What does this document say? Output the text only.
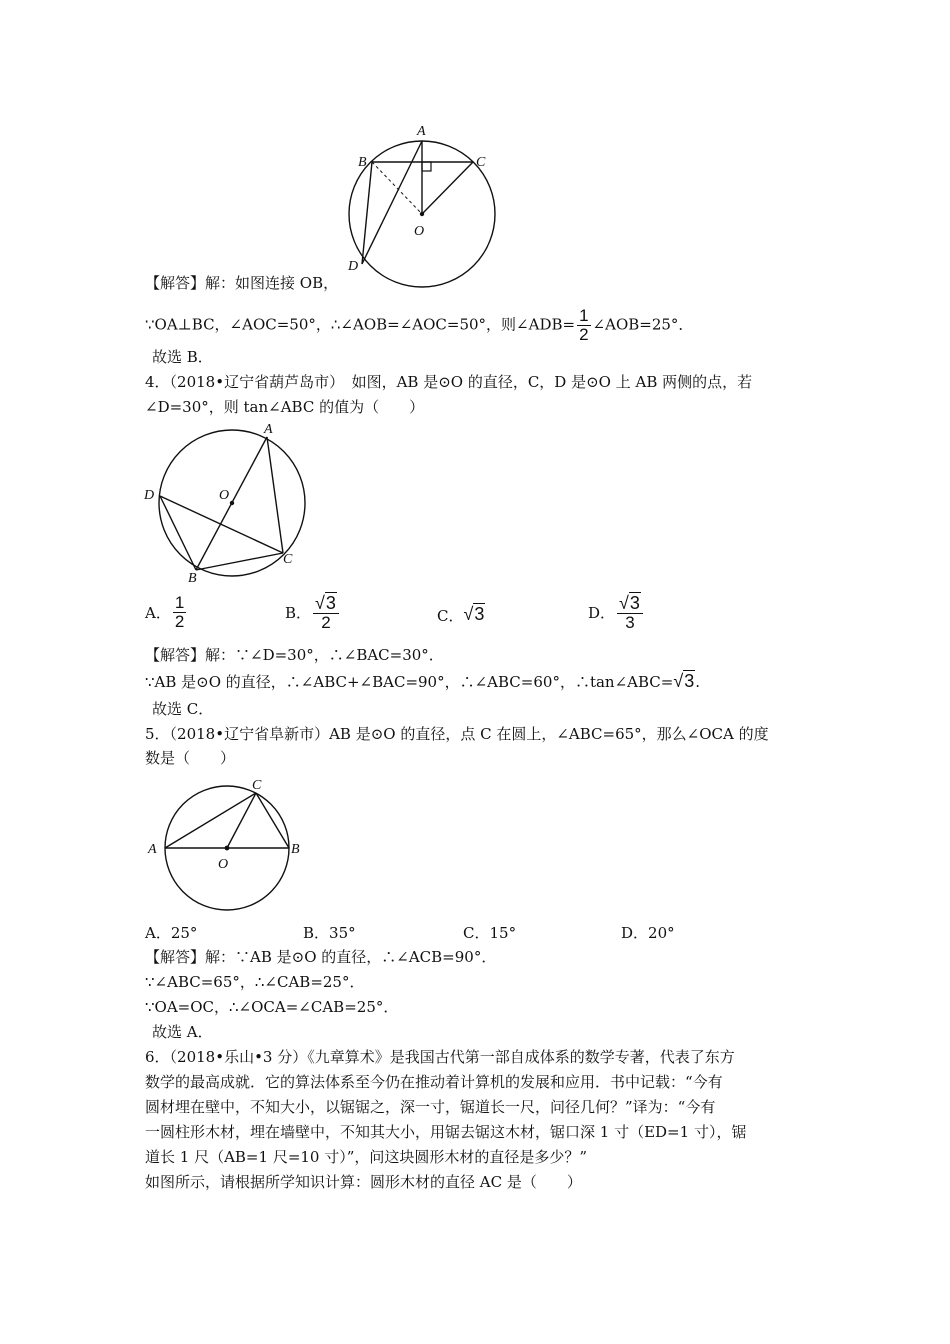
A
B	C
D
O
【解答】解：如图连接 OB，
∵OA⊥BC，∠AOC=50°，∴∠AOB=∠AOC=50°，则∠ADB= $\frac{1}{2}$ ∠AOB=25°．
故选 B．
4．（2018•辽宁省葫芦岛市）　如图，AB 是⊙O 的直径，C，D 是⊙O 上 AB 两侧的点，若
∠D=30°，则 tan∠ABC 的值为（　　）
A
D	O
B
C
A． $\frac{1}{2}$	B． $\frac{√3}{2}$	C．√3	D． $\frac{√3}{3}$
【解答】解：∵∠D=30°，∴∠BAC=30°．
∵AB 是⊙O 的直径，∴∠ABC+∠BAC=90°，∴∠ABC=60°，∴tan∠ABC=√3.
故选 C．
5．（2018•辽宁省阜新市）AB 是⊙O 的直径，点 C 在圆上，∠ABC=65°，那么∠OCA 的度
数是（　　）
C
A	B
O
A．25°	B．35°	C．15°	D．20°
【解答】解：∵AB 是⊙O 的直径，∴∠ACB=90°．
∵∠ABC=65°，∴∠CAB=25°．
∵OA=OC，∴∠OCA=∠CAB=25°．
故选 A．
6．（2018•乐山•3 分）《九章算术》是我国古代第一部自成体系的数学专著，代表了东方
数学的最高成就．它的算法体系至今仍在推动着计算机的发展和应用．书中记载：“今有
圆材埋在壁中，不知大小，以锯锯之，深一寸，锯道长一尺，问径几何？”译为：“今有
一圆柱形木材，埋在墙壁中，不知其大小，用锯去锯这木材，锯口深 1 寸（ED=1 寸），锯
道长 1 尺（AB=1 尺=10 寸）”，问这块圆形木材的直径是多少？”
如图所示，请根据所学知识计算：圆形木材的直径 AC 是（　　）
